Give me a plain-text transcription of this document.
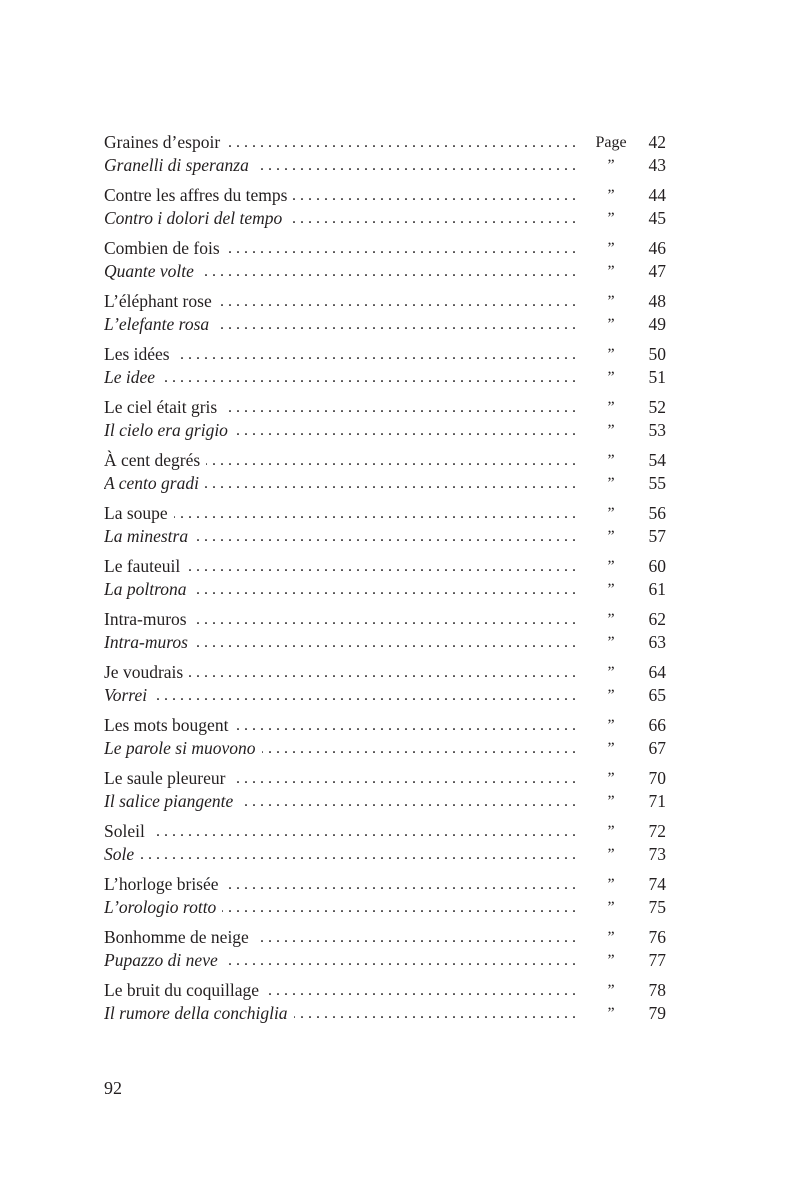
Graines d’espoir . . .	Page	42
Granelli di speranza . . .	”	43
Contre les affres du temps . . .	”	44
Contro i dolori del tempo . . .	”	45
Combien de fois . . .	”	46
Quante volte . . .	”	47
L’éléphant rose . . .	”	48
L’elefante rosa . . .	”	49
Les idées . . .	”	50
Le idee . . .	”	51
Le ciel était gris . . .	”	52
Il cielo era grigio . . .	”	53
À cent degrés . . .	”	54
A cento gradi . . .	”	55
La soupe . . .	”	56
La minestra . . .	”	57
Le fauteuil . . .	”	60
La poltrona . . .	”	61
Intra-muros . . .	”	62
Intra-muros . . .	”	63
Je voudrais . . .	”	64
Vorrei . . .	”	65
Les mots bougent . . .	”	66
Le parole si muovono . . .	”	67
Le saule pleureur . . .	”	70
Il salice piangente . . .	”	71
Soleil . . .	”	72
Sole . . .	”	73
L’horloge brisée . . .	”	74
L’orologio rotto . . .	”	75
Bonhomme de neige . . .	”	76
Pupazzo di neve . . .	”	77
Le bruit du coquillage . . .	”	78
Il rumore della conchiglia . . .	”	79
92
